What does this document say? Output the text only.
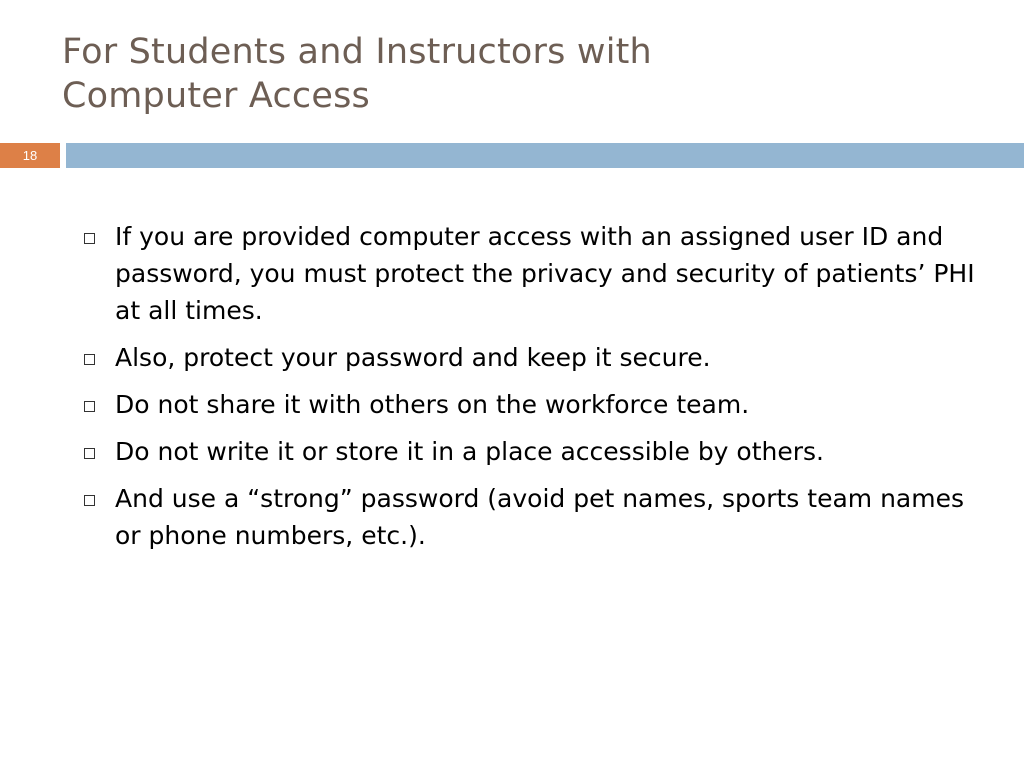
For Students and Instructors with
Computer Access
18
If you are provided computer access with an assigned user ID and password, you must protect the privacy and security of patients’ PHI at all times.
Also, protect your password and keep it secure.
Do not share it with others on the workforce team.
Do not write it or store it in a place accessible by others.
And use a “strong” password (avoid pet names, sports team names or phone numbers, etc.).
